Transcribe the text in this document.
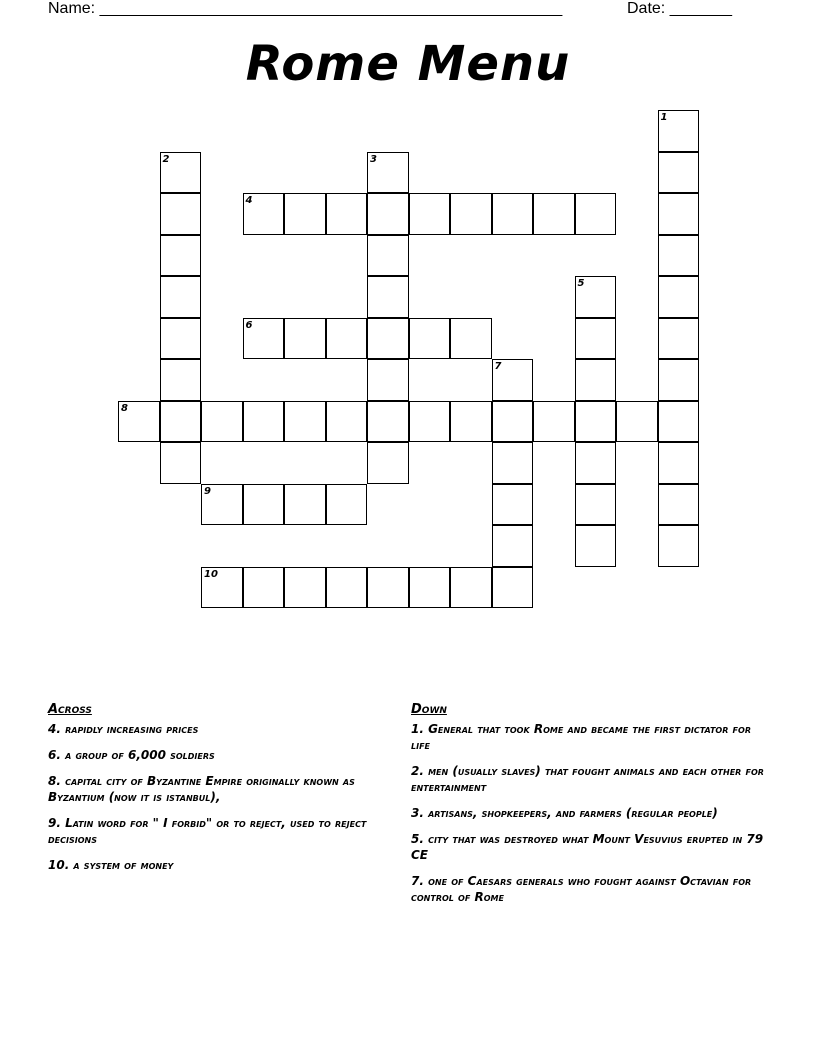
Name: ____________________________________________________	Date: _______
Rome Menu
1
2	3
4
5
6
7
8
9
10
Across
4. rapidly increasing prices
6. a group of 6,000 soldiers
8. capital city of Byzantine Empire originally known as Byzantium (now it is istanbul),
9. Latin word for " I forbid" or to reject, used to reject decisions
10. a system of money
Down
1. General that took Rome and became the first dictator for life
2. men (usually slaves) that fought animals and each other for entertainment
3. artisans, shopkeepers, and farmers (regular people)
5. city that was destroyed what Mount Vesuvius erupted in 79 CE
7. one of Caesars generals who fought against Octavian for control of Rome
